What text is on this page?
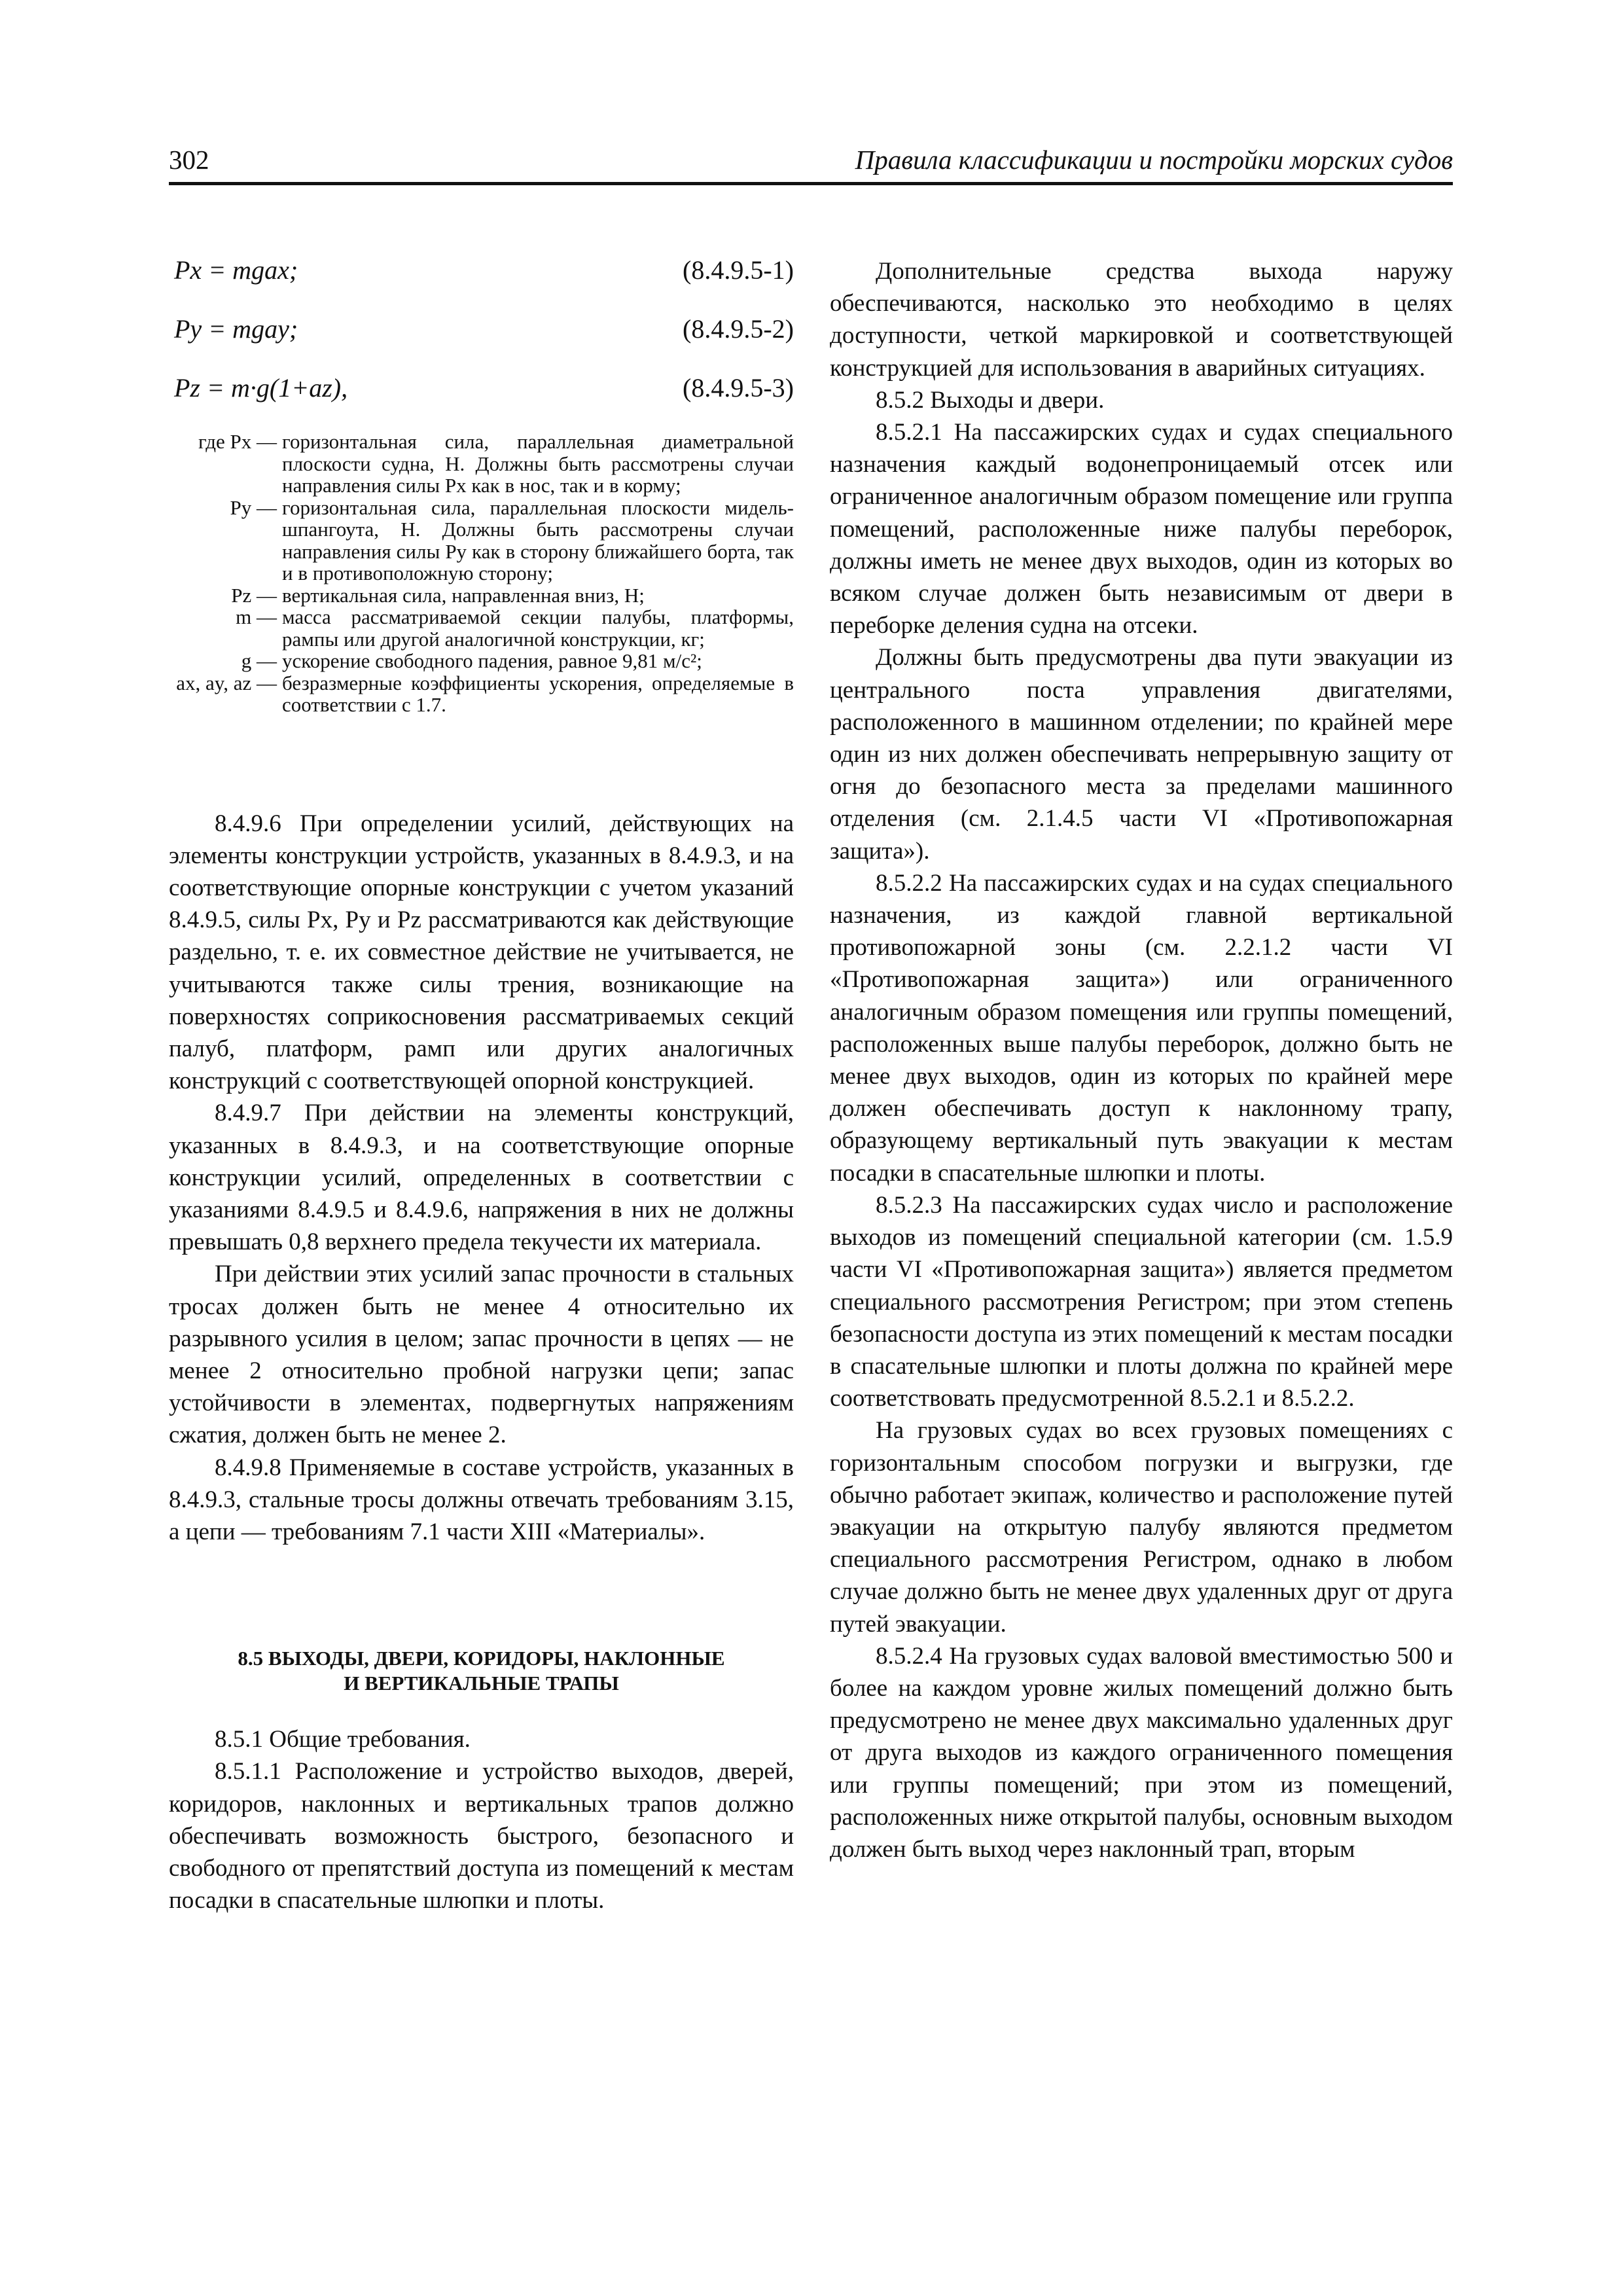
302	Правила классификации и постройки морских судов
Px = mgax;	(8.4.9.5-1)
Py = mgay;	(8.4.9.5-2)
Pz = m·g(1+az),	(8.4.9.5-3)
где Px — горизонтальная сила, параллельная диаметральной плоскости судна, Н. Должны быть рассмотрены случаи направления силы Px как в нос, так и в корму;
Py — горизонтальная сила, параллельная плоскости мидель-шпангоута, Н. Должны быть рассмотрены случаи направления силы Py как в сторону ближайшего борта, так и в противоположную сторону;
Pz — вертикальная сила, направленная вниз, Н;
m — масса рассматриваемой секции палубы, платформы, рампы или другой аналогичной конструкции, кг;
g — ускорение свободного падения, равное 9,81 м/с²;
ax, ay, az — безразмерные коэффициенты ускорения, определяемые в соответствии с 1.7.

8.4.9.6 При определении усилий, действующих на элементы конструкции устройств, указанных в 8.4.9.3, и на соответствующие опорные конструкции с учетом указаний 8.4.9.5, силы Px, Py и Pz рассматриваются как действующие раздельно, т. е. их совместное действие не учитывается, не учитываются также силы трения, возникающие на поверхностях соприкосновения рассматриваемых секций палуб, платформ, рамп или других аналогичных конструкций с соответствующей опорной конструкцией.

8.4.9.7 При действии на элементы конструкций, указанных в 8.4.9.3, и на соответствующие опорные конструкции усилий, определенных в соответствии с указаниями 8.4.9.5 и 8.4.9.6, напряжения в них не должны превышать 0,8 верхнего предела текучести их материала.

При действии этих усилий запас прочности в стальных тросах должен быть не менее 4 относительно их разрывного усилия в целом; запас прочности в цепях — не менее 2 относительно пробной нагрузки цепи; запас устойчивости в элементах, подвергнутых напряжениям сжатия, должен быть не менее 2.

8.4.9.8 Применяемые в составе устройств, указанных в 8.4.9.3, стальные тросы должны отвечать требованиям 3.15, а цепи — требованиям 7.1 части XIII «Материалы».

8.5 ВЫХОДЫ, ДВЕРИ, КОРИДОРЫ, НАКЛОННЫЕ
И ВЕРТИКАЛЬНЫЕ ТРАПЫ

8.5.1 Общие требования.

8.5.1.1 Расположение и устройство выходов, дверей, коридоров, наклонных и вертикальных трапов должно обеспечивать возможность быстрого, безопасного и свободного от препятствий доступа из помещений к местам посадки в спасательные шлюпки и плоты.

Дополнительные средства выхода наружу обеспечиваются, насколько это необходимо в целях доступности, четкой маркировкой и соответствующей конструкцией для использования в аварийных ситуациях.

8.5.2 Выходы и двери.

8.5.2.1 На пассажирских судах и судах специального назначения каждый водонепроницаемый отсек или ограниченное аналогичным образом помещение или группа помещений, расположенные ниже палубы переборок, должны иметь не менее двух выходов, один из которых во всяком случае должен быть независимым от двери в переборке деления судна на отсеки.

Должны быть предусмотрены два пути эвакуации из центрального поста управления двигателями, расположенного в машинном отделении; по крайней мере один из них должен обеспечивать непрерывную защиту от огня до безопасного места за пределами машинного отделения (см. 2.1.4.5 части VI «Противопожарная защита»).

8.5.2.2 На пассажирских судах и на судах специального назначения, из каждой главной вертикальной противопожарной зоны (см. 2.2.1.2 части VI «Противопожарная защита») или ограниченного аналогичным образом помещения или группы помещений, расположенных выше палубы переборок, должно быть не менее двух выходов, один из которых по крайней мере должен обеспечивать доступ к наклонному трапу, образующему вертикальный путь эвакуации к местам посадки в спасательные шлюпки и плоты.

8.5.2.3 На пассажирских судах число и расположение выходов из помещений специальной категории (см. 1.5.9 части VI «Противопожарная защита») является предметом специального рассмотрения Регистром; при этом степень безопасности доступа из этих помещений к местам посадки в спасательные шлюпки и плоты должна по крайней мере соответствовать предусмотренной 8.5.2.1 и 8.5.2.2.

На грузовых судах во всех грузовых помещениях с горизонтальным способом погрузки и выгрузки, где обычно работает экипаж, количество и расположение путей эвакуации на открытую палубу являются предметом специального рассмотрения Регистром, однако в любом случае должно быть не менее двух удаленных друг от друга путей эвакуации.

8.5.2.4 На грузовых судах валовой вместимостью 500 и более на каждом уровне жилых помещений должно быть предусмотрено не менее двух максимально удаленных друг от друга выходов из каждого ограниченного помещения или группы помещений; при этом из помещений, расположенных ниже открытой палубы, основным выходом должен быть выход через наклонный трап, вторым
